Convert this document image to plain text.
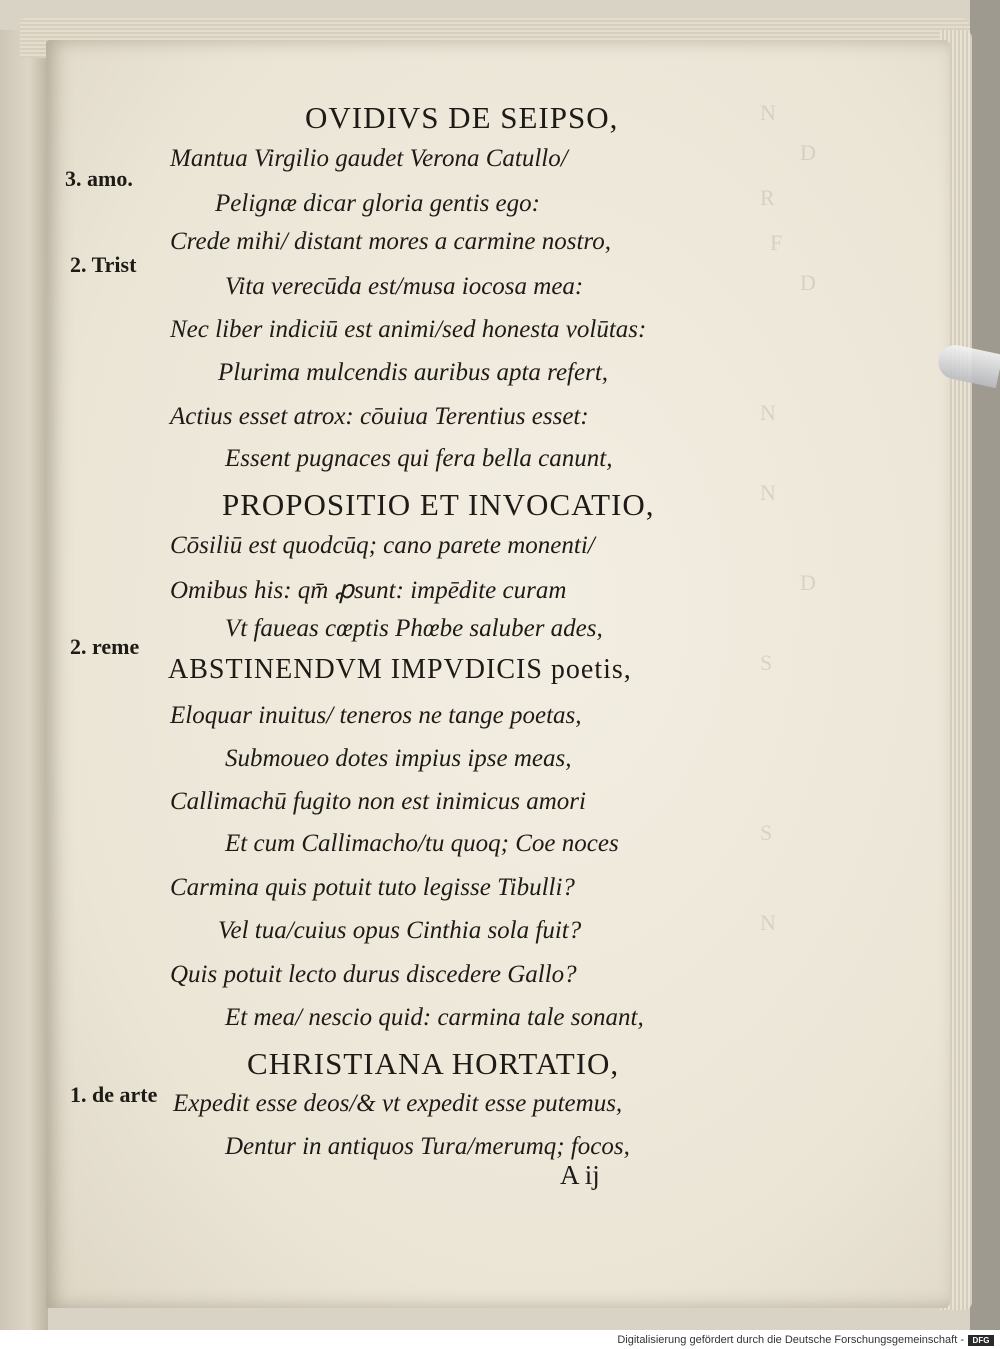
N
D
R
F
D
N
N
D
S
S
N
OVIDIVS DE SEIPSO,
PROPOSITIO ET INVOCATIO,
ABSTINENDVM IMPVDICIS poetis,
CHRISTIANA HORTATIO,
3. amo.
2. Trist
2. reme
1. de arte
Mantua Virgilio gaudet Verona Catullo/
Pelignæ dicar gloria gentis ego:
Crede mihi/ distant mores a carmine nostro,
Vita verecūda est/musa iocosa mea:
Nec liber indiciū est animi/sed honesta volūtas:
Plurima mulcendis auribus apta refert,
Actius esset atrox: cōuiua Terentius esset:
Essent pugnaces qui fera bella canunt,
Cōsiliū est quodcūq; cano parete monenti/
Omibus his: qm̄ ꝓsunt: impēdite curam
Vt faueas cœptis Phœbe saluber ades,
Eloquar inuitus/ teneros ne tange poetas,
Submoueo dotes impius ipse meas,
Callimachū fugito non est inimicus amori
Et cum Callimacho/tu quoq; Coe noces
Carmina quis potuit tuto legisse Tibulli?
Vel tua/cuius opus Cinthia sola fuit?
Quis potuit lecto durus discedere Gallo?
Et mea/ nescio quid: carmina tale sonant,
Expedit esse deos/& vt expedit esse putemus,
Dentur in antiquos Tura/merumq; focos,
A ij
Digitalisierung gefördert durch die Deutsche Forschungsgemeinschaft - DFG
